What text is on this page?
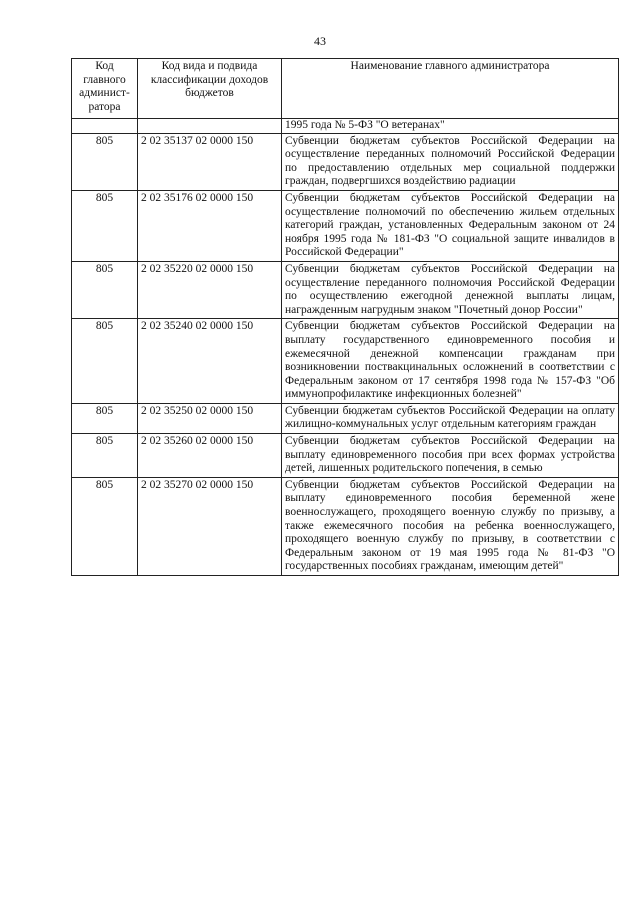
43
Код главного админист-ратора	Код вида и подвида классификации доходов бюджетов	Наименование главного администратора
		1995 года № 5-ФЗ "О ветеранах"
805	2 02 35137 02 0000 150	Субвенции бюджетам субъектов Российской Федерации на осуществление переданных полномочий Российской Федерации по предоставлению отдельных мер социальной поддержки граждан, подвергшихся воздействию радиации
805	2 02 35176 02 0000 150	Субвенции бюджетам субъектов Российской Федерации на осуществление полномочий по обеспечению жильем отдельных категорий граждан, установленных Федеральным законом от 24 ноября 1995 года № 181-ФЗ "О социальной защите инвалидов в Российской Федерации"
805	2 02 35220 02 0000 150	Субвенции бюджетам субъектов Российской Федерации на осуществление переданного полномочия Российской Федерации по осуществлению ежегодной денежной выплаты лицам, награжденным нагрудным знаком "Почетный донор России"
805	2 02 35240 02 0000 150	Субвенции бюджетам субъектов Российской Федерации на выплату государственного единовременного пособия и ежемесячной денежной компенсации гражданам при возникновении поствакцинальных осложнений в соответствии с Федеральным законом от 17 сентября 1998 года № 157-ФЗ "Об иммунопрофилактике инфекционных болезней"
805	2 02 35250 02 0000 150	Субвенции бюджетам субъектов Российской Федерации на оплату жилищно-коммунальных услуг отдельным категориям граждан
805	2 02 35260 02 0000 150	Субвенции бюджетам субъектов Российской Федерации на выплату единовременного пособия при всех формах устройства детей, лишенных родительского попечения, в семью
805	2 02 35270 02 0000 150	Субвенции бюджетам субъектов Российской Федерации на выплату единовременного пособия беременной жене военнослужащего, проходящего военную службу по призыву, а также ежемесячного пособия на ребенка военнослужащего, проходящего военную службу по призыву, в соответствии с Федеральным законом от 19 мая 1995 года № 81-ФЗ "О государственных пособиях гражданам, имеющим детей"
